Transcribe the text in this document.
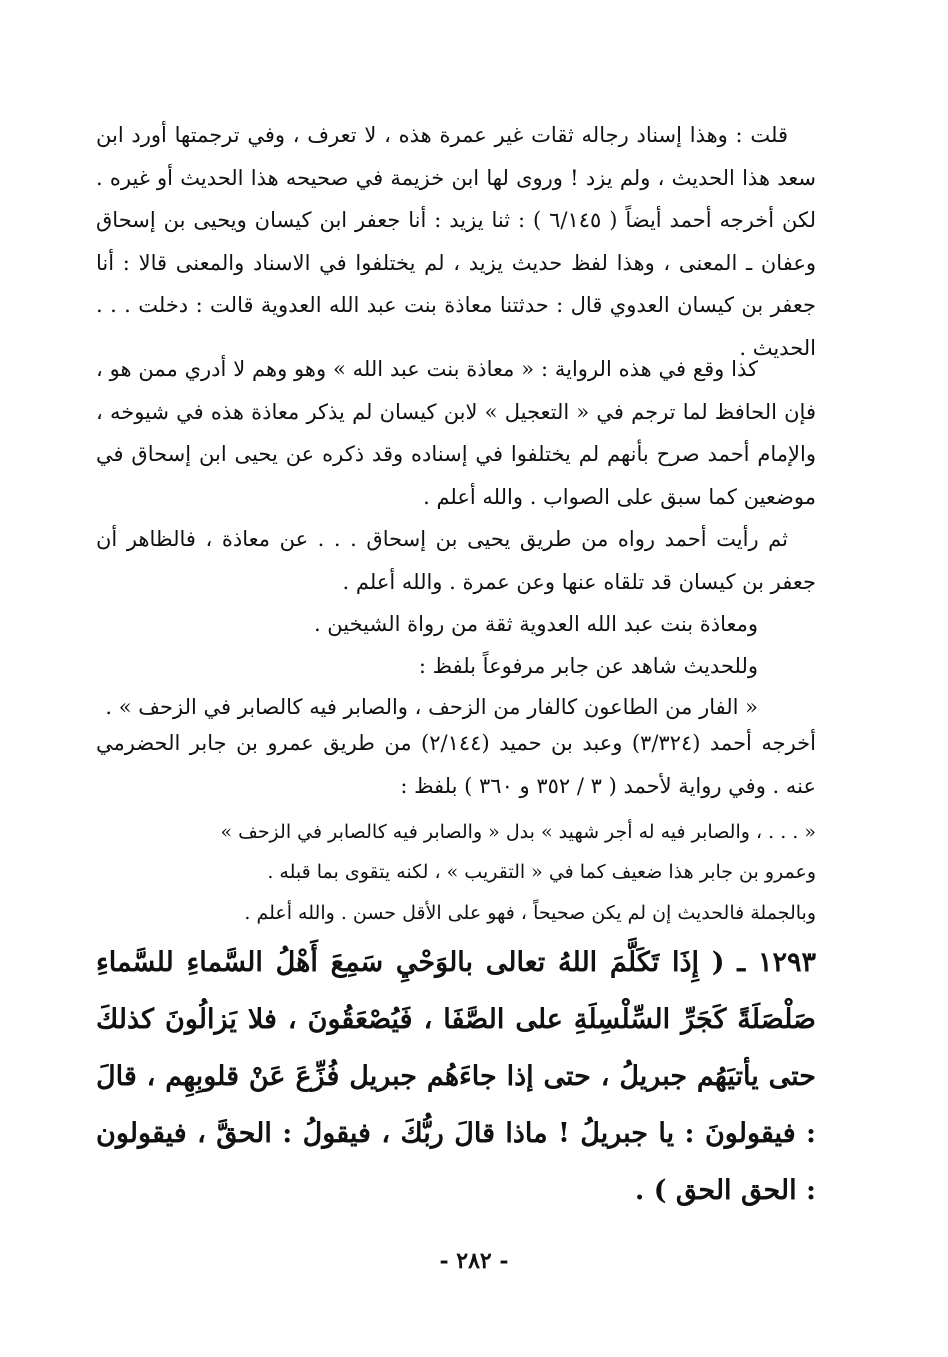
قلت : وهذا إسناد رجاله ثقات غير عمرة هذه ، لا تعرف ، وفي ترجمتها أورد ابن سعد هذا الحديث ، ولم يزد ! وروى لها ابن خزيمة في صحيحه هذا الحديث أو غيره . لكن أخرجه أحمد أيضاً ( ٦/١٤٥ ) : ثنا يزيد : أنا جعفر ابن كيسان ويحيى بن إسحاق وعفان ـ المعنى ، وهذا لفظ حديث يزيد ، لم يختلفوا في الاسناد والمعنى قالا : أنا جعفر بن كيسان العدوي قال : حدثتنا معاذة بنت عبد الله العدوية قالت : دخلت . . . الحديث .

كذا وقع في هذه الرواية : « معاذة بنت عبد الله » وهو وهم لا أدري ممن هو ، فإن الحافظ لما ترجم في « التعجيل » لابن كيسان لم يذكر معاذة هذه في شيوخه ، والإمام أحمد صرح بأنهم لم يختلفوا في إسناده وقد ذكره عن يحيى ابن إسحاق في موضعين كما سبق على الصواب . والله أعلم .

ثم رأيت أحمد رواه من طريق يحيى بن إسحاق . . . عن معاذة ، فالظاهر أن جعفر بن كيسان قد تلقاه عنها وعن عمرة . والله أعلم .

ومعاذة بنت عبد الله العدوية ثقة من رواة الشيخين .

وللحديث شاهد عن جابر مرفوعاً بلفظ :

« الفار من الطاعون كالفار من الزحف ، والصابر فيه كالصابر في الزحف » .

أخرجه أحمد (٣/٣٢٤) وعبد بن حميد (٢/١٤٤) من طريق عمرو بن جابر الحضرمي عنه . وفي رواية لأحمد ( ٣ / ٣٥٢ و ٣٦٠ ) بلفظ :

« . . . ، والصابر فيه له أجر شهيد » بدل « والصابر فيه كالصابر في الزحف »

وعمرو بن جابر هذا ضعيف كما في « التقريب » ، لكنه يتقوى بما قبله .

وبالجملة فالحديث إن لم يكن صحيحاً ، فهو على الأقل حسن . والله أعلم .

١٢٩٣ ـ ( إِذَا تَكَلَّمَ اللهُ تعالى بالوَحْيِ سَمِعَ أَهْلُ السَّماءِ للسَّماءِ صَلْصَلَةً كَجَرِّ السِّلْسِلَةِ على الصَّفَا ، فَيُصْعَقُونَ ، فلا يَزالُونَ كذلكَ حتى يأتيَهُم جبريلُ ، حتى إذا جاءَهُم جبريل فُزِّعَ عَنْ قلوبِهِم ، قالَ : فيقولونَ : يا جبريلُ ! ماذا قالَ ربُّكَ ، فيقولُ : الحقَّ ، فيقولون : الحق الحق ) .

- ٢٨٢ -
